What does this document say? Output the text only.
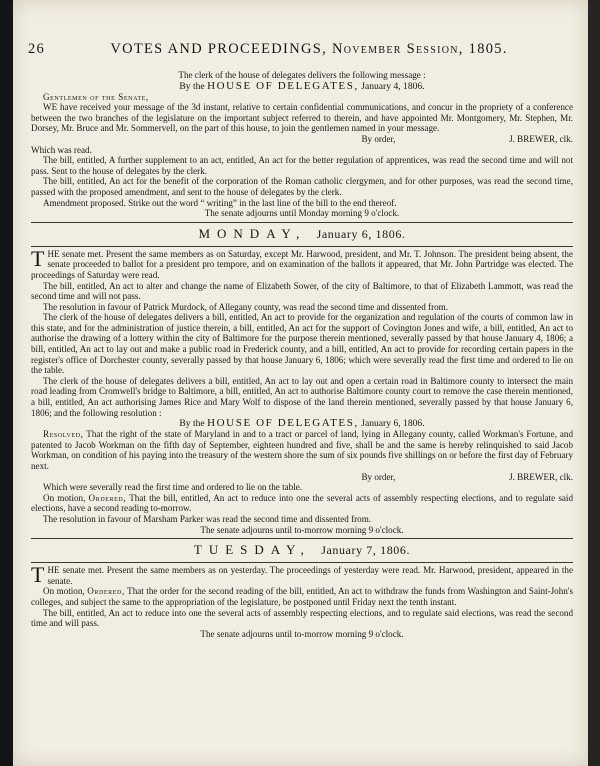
26	VOTES AND PROCEEDINGS, November Session, 1805.

The clerk of the house of delegates delivers the following message :

By the HOUSE OF DELEGATES, January 4, 1806.

Gentlemen of the Senate,

WE have received your message of the 3d instant, relative to certain confidential communications, and concur in the propriety of a conference between the two branches of the legislature on the important subject referred to therein, and have appointed Mr. Montgomery, Mr. Stephen, Mr. Dorsey, Mr. Bruce and Mr. Sommervell, on the part of this house, to join the gentlemen named in your message.

By order,	J. BREWER, clk.

Which was read.

The bill, entitled, A further supplement to an act, entitled, An act for the better regulation of apprentices, was read the second time and will not pass. Sent to the house of delegates by the clerk.

The bill, entitled, An act for the benefit of the corporation of the Roman catholic clergymen, and for other purposes, was read the second time, passed with the proposed amendment, and sent to the house of delegates by the clerk.

Amendment proposed. Strike out the word “ writing” in the last line of the bill to the end thereof.

The senate adjourns until Monday morning 9 o'clock.

MONDAY, January 6, 1806.

THE senate met. Present the same members as on Saturday, except Mr. Harwood, president, and Mr. T. Johnson. The president being absent, the senate proceeded to ballot for a president pro tempore, and on examination of the ballots it appeared, that Mr. John Partridge was elected. The proceedings of Saturday were read.

The bill, entitled, An act to alter and change the name of Elizabeth Sower, of the city of Baltimore, to that of Elizabeth Lammott, was read the second time and will not pass.

The resolution in favour of Patrick Murdock, of Allegany county, was read the second time and dissented from.

The clerk of the house of delegates delivers a bill, entitled, An act to provide for the organization and regulation of the courts of common law in this state, and for the administration of justice therein, a bill, entitled, An act for the support of Covington Jones and wife, a bill, entitled, An act to authorise the drawing of a lottery within the city of Baltimore for the purpose therein mentioned, severally passed by that house January 4, 1806; a bill, entitled, An act to lay out and make a public road in Frederick county, and a bill, entitled, An act to provide for recording certain papers in the register's office of Dorchester county, severally passed by that house January 6, 1806; which were severally read the first time and ordered to lie on the table.

The clerk of the house of delegates delivers a bill, entitled, An act to lay out and open a certain road in Baltimore county to intersect the main road leading from Cromwell's bridge to Baltimore, a bill, entitled, An act to authorise Baltimore county court to remove the case therein mentioned, a bill, entitled, An act authorising James Rice and Mary Wolf to dispose of the land therein mentioned, severally passed by that house January 6, 1806; and the following resolution :

By the HOUSE OF DELEGATES, January 6, 1806.

Resolved, That the right of the state of Maryland in and to a tract or parcel of land, lying in Allegany county, called Workman's Fortune, and patented to Jacob Workman on the fifth day of September, eighteen hundred and five, shall be and the same is hereby relinquished to said Jacob Workman, on condition of his paying into the treasury of the western shore the sum of six pounds five shillings on or before the first day of February next.

By order,	J. BREWER, clk.

Which were severally read the first time and ordered to lie on the table.

On motion, Ordered, That the bill, entitled, An act to reduce into one the several acts of assembly respecting elections, and to regulate said elections, have a second reading to-morrow.

The resolution in favour of Marsham Parker was read the second time and dissented from.

The senate adjourns until to-morrow morning 9 o'clock.

TUESDAY, January 7, 1806.

THE senate met. Present the same members as on yesterday. The proceedings of yesterday were read. Mr. Harwood, president, appeared in the senate.

On motion, Ordered, That the order for the second reading of the bill, entitled, An act to withdraw the funds from Washington and Saint-John's colleges, and subject the same to the appropriation of the legislature, be postponed until Friday next the tenth instant.

The bill, entitled, An act to reduce into one the several acts of assembly respecting elections, and to regulate said elections, was read the second time and will pass.

The senate adjourns until to-morrow morning 9 o'clock.
